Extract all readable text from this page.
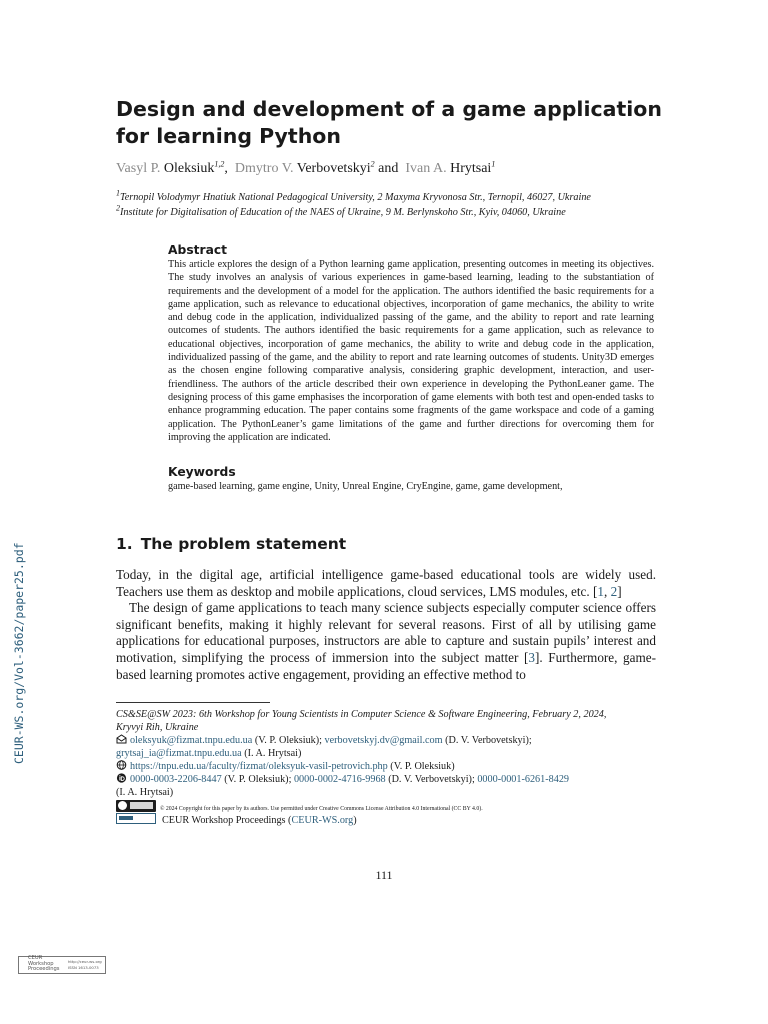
CEUR-WS.org/Vol-3662/paper25.pdf
Design and development of a game application for learning Python
Vasyl P. Oleksiuk$^{1,2}$, Dmytro V. Verbovetskyi$^2$ and Ivan A. Hrytsai$^1$
$^1$Ternopil Volodymyr Hnatiuk National Pedagogical University, 2 Maxyma Kryvonosa Str., Ternopil, 46027, Ukraine
$^2$Institute for Digitalisation of Education of the NAES of Ukraine, 9 M. Berlynskoho Str., Kyiv, 04060, Ukraine
Abstract

This article explores the design of a Python learning game application, presenting outcomes in meeting its objectives. The study involves an analysis of various experiences in game-based learning, leading to the substantiation of requirements and the development of a model for the application. The authors identified the basic requirements for a game application, such as relevance to educational objectives, incorporation of game mechanics, the ability to write and debug code in the application, individualized passing of the game, and the ability to report and rate learning outcomes of students. The authors identified the basic requirements for a game application, such as relevance to educational objectives, incorporation of game mechanics, the ability to write and debug code in the application, individualized passing of the game, and the ability to report and rate learning outcomes of students. Unity3D emerges as the chosen engine following comparative analysis, considering graphic development, interaction, and user-friendliness. The authors of the article described their own experience in developing the PythonLeaner game. The designing process of this game emphasises the incorporation of game elements with both test and open-ended tasks to enhance programming education. The paper contains some fragments of the game workspace and code of a gaming application. The PythonLeaner’s game limitations of the game and further directions for overcoming them for improving the application are indicated.

Keywords

game-based learning, game engine, Unity, Unreal Engine, CryEngine, game, game development,

1. The problem statement

Today, in the digital age, artificial intelligence game-based educational tools are widely used. Teachers use them as desktop and mobile applications, cloud services, LMS modules, etc. [1, 2]

The design of game applications to teach many science subjects especially computer science offers significant benefits, making it highly relevant for several reasons. First of all by utilising game applications for educational purposes, instructors are able to capture and sustain pupils’ interest and motivation, simplifying the process of immersion into the subject matter [3]. Furthermore, game-based learning promotes active engagement, providing an effective method to

CS&SE@SW 2023: 6th Workshop for Young Scientists in Computer Science & Software Engineering, February 2, 2024,
Kryvyi Rih, Ukraine
oleksyuk@fizmat.tnpu.edu.ua (V. P. Oleksiuk); verbovetskyj.dv@gmail.com (D. V. Verbovetskyi);
grytsaj_ia@fizmat.tnpu.edu.ua (I. A. Hrytsai)
https://tnpu.edu.ua/faculty/fizmat/oleksyuk-vasil-petrovich.php (V. P. Oleksiuk)
0000-0003-2206-8447 (V. P. Oleksiuk); 0000-0002-4716-9968 (D. V. Verbovetskyi); 0000-0001-6261-8429
(I. A. Hrytsai)
© 2024 Copyright for this paper by its authors. Use permitted under Creative Commons License Attribution 4.0 International (CC BY 4.0).
CEUR Workshop Proceedings (CEUR-WS.org)
111
CEUR
Workshop
Proceedings
http://ceur-ws.org
ISSN 1613-0073
